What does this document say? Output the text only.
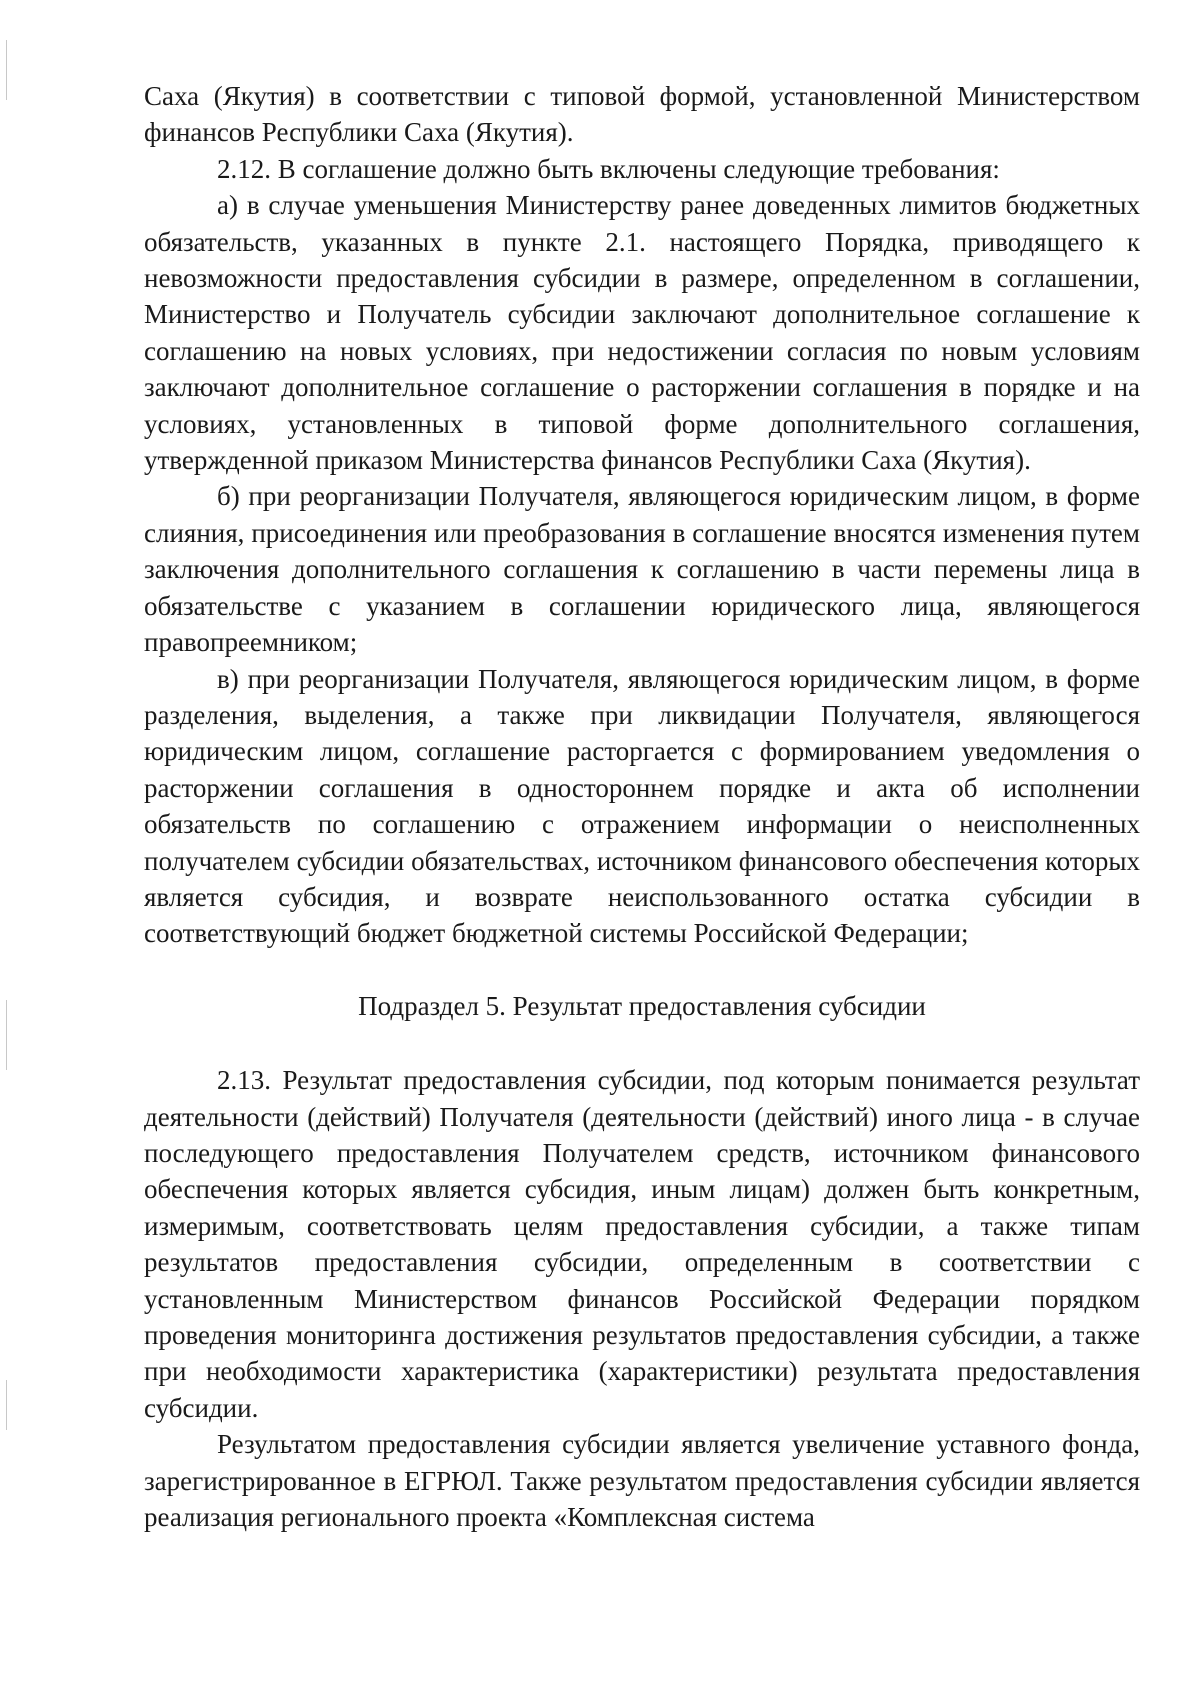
Саха (Якутия) в соответствии с типовой формой, установленной Министерством финансов Республики Саха (Якутия).

2.12. В соглашение должно быть включены следующие требования:

а) в случае уменьшения Министерству ранее доведенных лимитов бюджетных обязательств, указанных в пункте 2.1. настоящего Порядка, приводящего к невозможности предоставления субсидии в размере, определенном в соглашении, Министерство и Получатель субсидии заключают дополнительное соглашение к соглашению на новых условиях, при недостижении согласия по новым условиям заключают дополнительное соглашение о расторжении соглашения в порядке и на условиях, установленных в типовой форме дополнительного соглашения, утвержденной приказом Министерства финансов Республики Саха (Якутия).

б) при реорганизации Получателя, являющегося юридическим лицом, в форме слияния, присоединения или преобразования в соглашение вносятся изменения путем заключения дополнительного соглашения к соглашению в части перемены лица в обязательстве с указанием в соглашении юридического лица, являющегося правопреемником;

в) при реорганизации Получателя, являющегося юридическим лицом, в форме разделения, выделения, а также при ликвидации Получателя, являющегося юридическим лицом, соглашение расторгается с формированием уведомления о расторжении соглашения в одностороннем порядке и акта об исполнении обязательств по соглашению с отражением информации о неисполненных получателем субсидии обязательствах, источником финансового обеспечения которых является субсидия, и возврате неиспользованного остатка субсидии в соответствующий бюджет бюджетной системы Российской Федерации;

Подраздел 5. Результат предоставления субсидии

2.13. Результат предоставления субсидии, под которым понимается результат деятельности (действий) Получателя (деятельности (действий) иного лица - в случае последующего предоставления Получателем средств, источником финансового обеспечения которых является субсидия, иным лицам) должен быть конкретным, измеримым, соответствовать целям предоставления субсидии, а также типам результатов предоставления субсидии, определенным в соответствии с установленным Министерством финансов Российской Федерации порядком проведения мониторинга достижения результатов предоставления субсидии, а также при необходимости характеристика (характеристики) результата предоставления субсидии.

Результатом предоставления субсидии является увеличение уставного фонда, зарегистрированное в ЕГРЮЛ. Также результатом предоставления субсидии является реализация регионального проекта «Комплексная система
